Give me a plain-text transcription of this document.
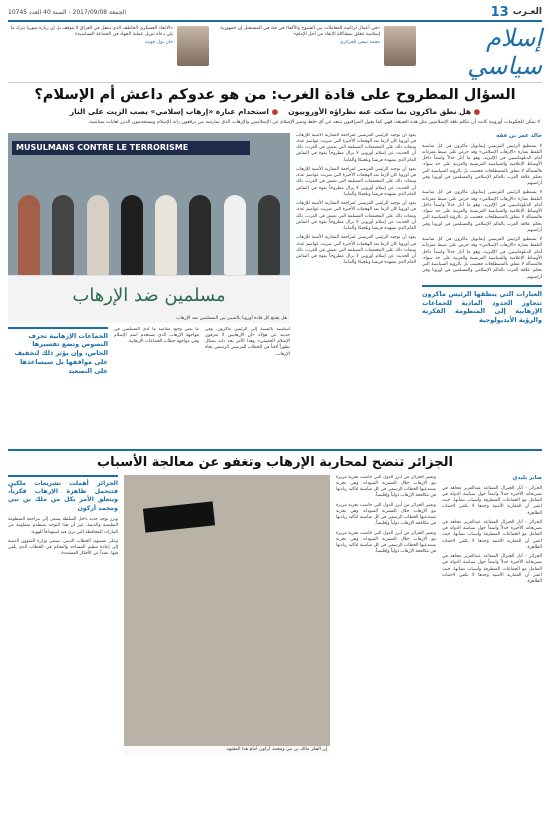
13 العـرب
الجمعة 2017/09/08 - السنة 40 العدد 10745
إسلام سياسي
«في أعمال لرئاسة المعاملات بين الشيوخ والأكفاء في فئة في المستقبل إن جمهورية إسلامية تتعلق بمشاكلة الإنقاذ من أجل الإمام»
محمد صفي الجزائري
«الاتحاد العسكري الخاطف الذي يتنقل في العراق لا يتوقف بل إن زيارة سوريا تترك ما يلي دعاة تنزيل عملية الجهاد في الجماعة السياسية»
جان بول جوتيه
السؤال المطروح على قادة الغرب: من هو عدوكم داعش أم الإسلام؟
● هل نطق ماكرون بما سكت عنه نظراؤه الأوروبيون
● استخدام عبارة «إرهاب إسلامي» يصب الزيت على النار

لا يمكن للحكومات أوروبية كانت أن تتكلم بلغة الإسلاميين مثل هذه الصيغة، فهي كما يقول المراقبون تبتعد عن أي خلط وتميز الإسلام عن الإسلاميين والإرهاب الذي يمارسه من يرفعون راية الإسلام ويستخدمون الدين لغايات سياسية.

خالد عمر بن ققه

لا يستطيع الرئيس الفرنسي إيمانويل ماكرون في كل مناسبة التلفظ بعبارة «الإرهاب الإسلامي» وقد حرص على ضبط مفرداته أمام الدبلوماسيين في الإليزيه، وهو ما أثار جدلاً واسعاً داخل الأوساط الإعلامية والسياسية الفرنسية والعربية على حد سواء. فالمسألة لا تتعلق بالمصطلحات فحسب بل بالرؤية السياسية التي تحكم علاقة الغرب بالعالم الإسلامي والمسلمين في أوروبا وفي أراضيهم.

لا يستطيع الرئيس الفرنسي إيمانويل ماكرون في كل مناسبة التلفظ بعبارة «الإرهاب الإسلامي» وقد حرص على ضبط مفرداته أمام الدبلوماسيين في الإليزيه، وهو ما أثار جدلاً واسعاً داخل الأوساط الإعلامية والسياسية الفرنسية والعربية على حد سواء. فالمسألة لا تتعلق بالمصطلحات فحسب بل بالرؤية السياسية التي تحكم علاقة الغرب بالعالم الإسلامي والمسلمين في أوروبا وفي أراضيهم.

لا يستطيع الرئيس الفرنسي إيمانويل ماكرون في كل مناسبة التلفظ بعبارة «الإرهاب الإسلامي» وقد حرص على ضبط مفرداته أمام الدبلوماسيين في الإليزيه، وهو ما أثار جدلاً واسعاً داخل الأوساط الإعلامية والسياسية الفرنسية والعربية على حد سواء. فالمسألة لا تتعلق بالمصطلحات فحسب بل بالرؤية السياسية التي تحكم علاقة الغرب بالعالم الإسلامي والمسلمين في أوروبا وفي أراضيهم.

العبارات التي ينطقها الرئيس ماكرون تتجاوز الحدود المادية للجماعات الإرهابية إلى المنظومة الفكرية والرؤية الأيديولوجية

يعود أن توجيه الرئيس الفرنسي لمراجعة المقاربة الأمنية للإرهاب في أوروبا كان لازما بعد الهجمات الأخيرة التي ضربت عواصم عدة، وتبعات ذلك على المجتمعات المسلمة التي تعيش في الغرب، ذلك أن الحديث عن إسلام أوروبي لا يزال مطروحاً بقوة في النقاش العام الذي تشهده فرنسا وبلجيكا وألمانيا.

يعود أن توجيه الرئيس الفرنسي لمراجعة المقاربة الأمنية للإرهاب في أوروبا كان لازما بعد الهجمات الأخيرة التي ضربت عواصم عدة، وتبعات ذلك على المجتمعات المسلمة التي تعيش في الغرب، ذلك أن الحديث عن إسلام أوروبي لا يزال مطروحاً بقوة في النقاش العام الذي تشهده فرنسا وبلجيكا وألمانيا.

يعود أن توجيه الرئيس الفرنسي لمراجعة المقاربة الأمنية للإرهاب في أوروبا كان لازما بعد الهجمات الأخيرة التي ضربت عواصم عدة، وتبعات ذلك على المجتمعات المسلمة التي تعيش في الغرب، ذلك أن الحديث عن إسلام أوروبي لا يزال مطروحاً بقوة في النقاش العام الذي تشهده فرنسا وبلجيكا وألمانيا.

يعود أن توجيه الرئيس الفرنسي لمراجعة المقاربة الأمنية للإرهاب في أوروبا كان لازما بعد الهجمات الأخيرة التي ضربت عواصم عدة، وتبعات ذلك على المجتمعات المسلمة التي تعيش في الغرب، ذلك أن الحديث عن إسلام أوروبي لا يزال مطروحاً بقوة في النقاش العام الذي تشهده فرنسا وبلجيكا وألمانيا.

MUSULMANS CONTRE LE TERRORISME
مسلمين ضد الإرهاب
هل يقتنع كل قادة أوروبا بالتمييز بين المسلمين ضد الإرهاب
أساسية بالنسبة إلى الرئيس ماكرون، وفي حديثه عن هؤلاء «أن الإرهابيين لا يعرفون الإسلام الحقيقي» وهذا الأمر بحد ذاته يشكل تطوراً لافتاً في الخطاب الفرنسي الرسمي تجاه الإرهاب.
ما يعني وجود مقاصد ما لدى المسلمين في مواجهة الإرهاب الذي يستخدم اسم الإسلام وفي مواجهة خطاب الجماعات الإرهابية.
الجماعات الإرهابية تحرف النصوص وتضع تفسيرها الخاص، وإن يؤثر ذلك لتخفيف على مواقفها بل سيساعدها على التصعيد
الجزائر تنضح لمحاربة الإرهاب وتغفو عن معالجة الأسباب
صابر بليدي

الجزائر - أثار الجنرال المتقاعد عبدالعزيز مجاهد في تصريحاته الأخيرة جدلاً واسعاً حول سياسة الدولة في التعامل مع الجماعات المتطرفة وأسباب نشأتها، حيث اعتبر أن المقاربة الأمنية وحدها لا تكفي لاجتثاث الظاهرة.

الجزائر - أثار الجنرال المتقاعد عبدالعزيز مجاهد في تصريحاته الأخيرة جدلاً واسعاً حول سياسة الدولة في التعامل مع الجماعات المتطرفة وأسباب نشأتها، حيث اعتبر أن المقاربة الأمنية وحدها لا تكفي لاجتثاث الظاهرة.

الجزائر - أثار الجنرال المتقاعد عبدالعزيز مجاهد في تصريحاته الأخيرة جدلاً واسعاً حول سياسة الدولة في التعامل مع الجماعات المتطرفة وأسباب نشأتها، حيث اعتبر أن المقاربة الأمنية وحدها لا تكفي لاجتثاث الظاهرة.

وتعتبر الجزائر من أبرز الدول التي خاضت تجربة مريرة مع الإرهاب خلال العشرية السوداء، وهي تجربة يستدعيها الخطاب الرسمي في كل مناسبة لتأكيد ريادتها في مكافحة الإرهاب دولياً وإقليمياً.

وتعتبر الجزائر من أبرز الدول التي خاضت تجربة مريرة مع الإرهاب خلال العشرية السوداء، وهي تجربة يستدعيها الخطاب الرسمي في كل مناسبة لتأكيد ريادتها في مكافحة الإرهاب دولياً وإقليمياً.

وتعتبر الجزائر من أبرز الدول التي خاضت تجربة مريرة مع الإرهاب خلال العشرية السوداء، وهي تجربة يستدعيها الخطاب الرسمي في كل مناسبة لتأكيد ريادتها في مكافحة الإرهاب دولياً وإقليمياً.

إن الفكر مالك بن نبي ومحمد أركون أمام هذا المشهد
الجزائر أهملت تشريعات ملكين فتتحمل ظاهرة الإرهاب فكرياً، ويتعلق الأمر بكل من ملك بن نبي ومحمد أركون

وبرز توجه جديد داخل السلطة يسعى إلى مراجعة المنظومة التعليمية والدينية، غير أن هذا التوجه يصطدم بمقاومة من التيارات المحافظة التي ترى فيه استهدافاً للهوية.

وعلى مستوى الخطاب الديني، تسعى وزارة الشؤون الدينية إلى إعادة تنظيم المساجد والتحكم في الخطاب الذي يلقى فيها، بعيداً عن الأفكار المتشددة.
